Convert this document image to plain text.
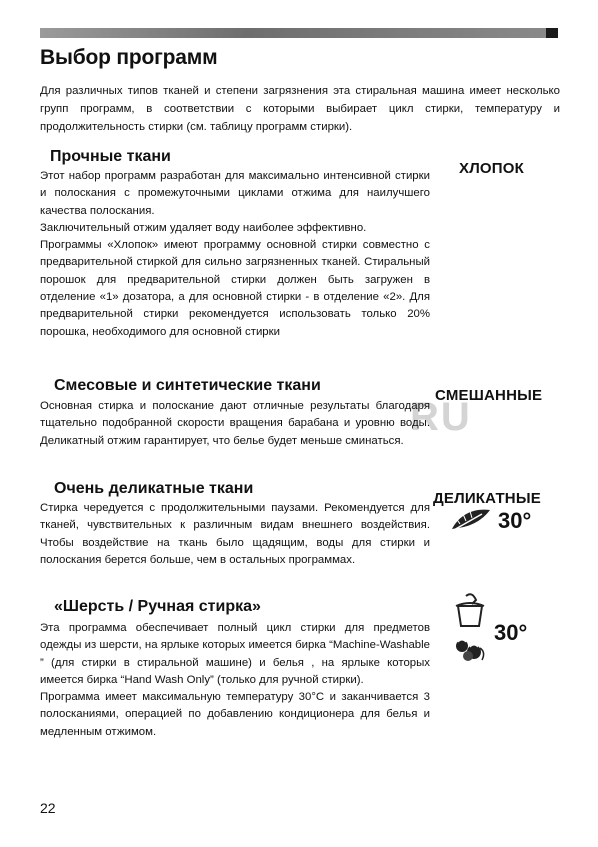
Выбор программ

Для различных типов тканей и степени загрязнения эта стиральная машина имеет несколько групп программ, в соответствии с которыми выбирает цикл стирки, температуру и продолжительность стирки (см. таблицу программ стирки).

Прочные ткани
ХЛОПОК

Этот набор программ разработан для максимально интенсивной стирки и полоскания с промежуточными циклами отжима для наилучшего качества полоскания.

Заключительный отжим удаляет воду наиболее эффективно.

Программы «Хлопок» имеют программу основной стирки совместно с предварительной стиркой для сильно загрязненных тканей. Стиральный порошок для предварительной стирки должен быть загружен в отделение «1» дозатора, а для основной стирки - в отделение «2». Для предварительной стирки рекомендуется использовать только 20% порошка, необходимого для основной стирки

Смесовые и синтетические ткани
СМЕШАННЫЕ
RU

Основная стирка и полоскание дают отличные результаты благодаря тщательно подобранной скорости вращения барабана и уровню воды. Деликатный отжим гарантирует, что белье будет меньше сминаться.

Очень деликатные ткани
ДЕЛИКАТНЫЕ
30°

Стирка чередуется с продолжительными паузами. Рекомендуется для тканей, чувствительных к различным видам внешнего воздействия. Чтобы воздействие на ткань было щадящим, воды для стирки и полоскания берется больше, чем в остальных программах.

«Шерсть / Ручная стирка»
30°

Эта программа обеспечивает полный цикл стирки для предметов одежды из шерсти, на ярлыке которых имеется бирка “Machine-Washable ” (для стирки в стиральной машине) и белья , на ярлыке которых имеется бирка “Hand Wash Only” (только для ручной стирки).

Программа имеет максимальную температуру 30°С и заканчивается 3 полосканиями, операцией по добавлению кондиционера для белья и медленным отжимом.

22
